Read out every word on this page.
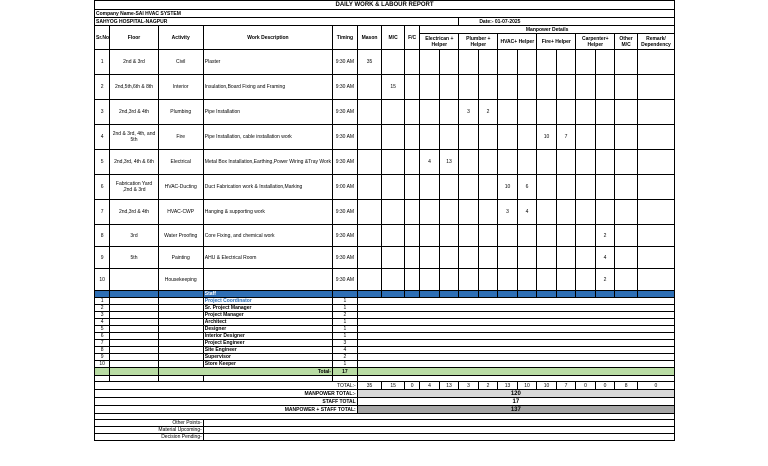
DAILY WORK & LABOUR REPORT																			
Company Name-SAI HVAC SYSTEM																			
SAHYOG HOSPITAL-NAGPUR										Date:- 01-07-2025									
Sr.No	Floor	Activity	Work Description	Timing	Mason	M/C	F/C	Manpower Details											
								Electrican + Helper		Plumber + Helper		HVAC+ Helper		Fire+ Helper		Carpenter+ Helper		Other M/C	Remark/ Dependency
1	2nd & 3rd	Civil	Plaster	9:30 AM	35														
2	2nd,5th,6th & 8th	Interior	Insulation,Board Fixing and Framing	9:30 AM		15													
3	2nd,3rd & 4th	Plumbing	Pipe Installation	9:30 AM						3	2								
4	2nd & 3rd, 4th, and 5th	Fire	Pipe Installation, cable installation work	9:30 AM										10	7				
5	2nd,3rd, 4th & 6th	Electrical	Metal Box Installation,Earthing,Power Wiring &Tray Work	9:30 AM				4	13										
6	Fabrication Yard ,2nd & 3rd	HVAC-Ducting	Duct Fabrication work & Installation,Marking	9:00 AM								10	6						
7	2nd,3rd & 4th	HVAC-CWP	Hanging & supporting work	9:30 AM								3	4						
8	3rd	Water Proofing	Core Fixing, and chemical work	9:30 AM													2		
9	5th	Painting	AHU & Electrical Room	9:30 AM													4		
10		Housekeeping		9:30 AM													2		
			Staff																
1			Project Coordinator	1															
2			Sr. Project Manager	1															
3			Project Manager	2															
4			Architect	1															
5			Designer	1															
6			Interior Designer	1															
7			Project Engineer	3															
8			Site Engineer	4															
9			Supervisor	2															
10			Store Keeper	1															
		Total-		17															

TOTAL:-					35	15	0	4	13	3	2	13	10	10	7	0	0	8	0
MANPOWER TOTAL:-					120														
STAFF TOTAL					17														
MANPOWER + STAFF TOTAL:					137														

Other Points-																			
Material Upcoming-																			
Decision Pending-																			
